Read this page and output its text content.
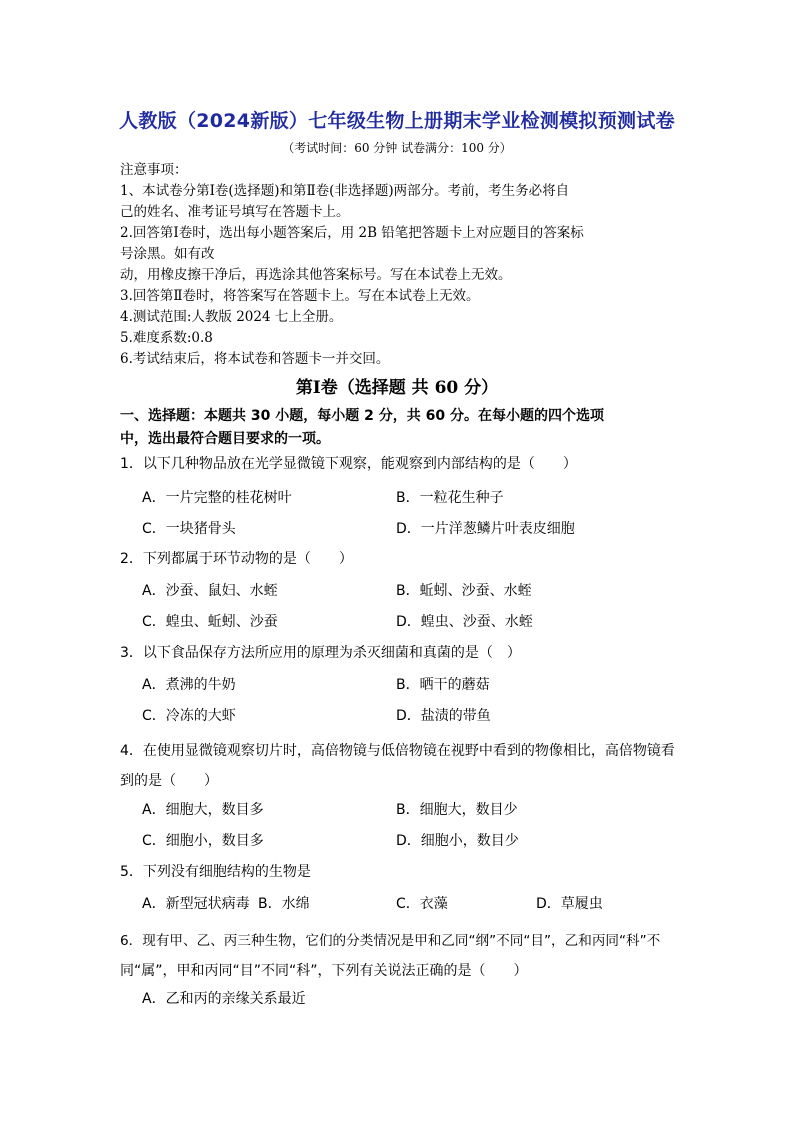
人教版（2024新版）七年级生物上册期末学业检测模拟预测试卷
（考试时间：60 分钟 试卷满分：100 分）
注意事项：
1、本试卷分第Ⅰ卷(选择题)和第Ⅱ卷(非选择题)两部分。考前，考生务必将自
己的姓名、准考证号填写在答题卡上。
2.回答第Ⅰ卷时，选出每小题答案后，用 2B 铅笔把答题卡上对应题目的答案标
号涂黑。如有改
动，用橡皮擦干净后，再选涂其他答案标号。写在本试卷上无效。
3.回答第Ⅱ卷时，将答案写在答题卡上。写在本试卷上无效。
4.测试范围:人教版 2024 七上全册。
5.难度系数:0.8
6.考试结束后，将本试卷和答题卡一并交回。
第Ⅰ卷（选择题 共 60 分）
一、选择题：本题共 30 小题，每小题 2 分，共 60 分。在每小题的四个选项
中，选出最符合题目要求的一项。
1．以下几种物品放在光学显微镜下观察，能观察到内部结构的是（　　）
A．一片完整的桂花树叶	B．一粒花生种子
C．一块猪骨头	D．一片洋葱鳞片叶表皮细胞
2．下列都属于环节动物的是（　　）
A．沙蚕、鼠妇、水蛭	B．蚯蚓、沙蚕、水蛭
C．蝗虫、蚯蚓、沙蚕	D．蝗虫、沙蚕、水蛭
3．以下食品保存方法所应用的原理为杀灭细菌和真菌的是（　）
A．煮沸的牛奶	B．晒干的蘑菇
C．冷冻的大虾	D．盐渍的带鱼
4．在使用显微镜观察切片时，高倍物镜与低倍物镜在视野中看到的物像相比，高倍物镜看
到的是（　　）
A．细胞大，数目多	B．细胞大，数目少
C．细胞小，数目多	D．细胞小，数目少
5．下列没有细胞结构的生物是
A．新型冠状病毒 B．水绵	C．衣藻	D．草履虫
6．现有甲、乙、丙三种生物，它们的分类情况是甲和乙同“纲”不同“目”，乙和丙同“科”不
同“属”，甲和丙同“目”不同“科”，下列有关说法正确的是（　　）
A．乙和丙的亲缘关系最近
